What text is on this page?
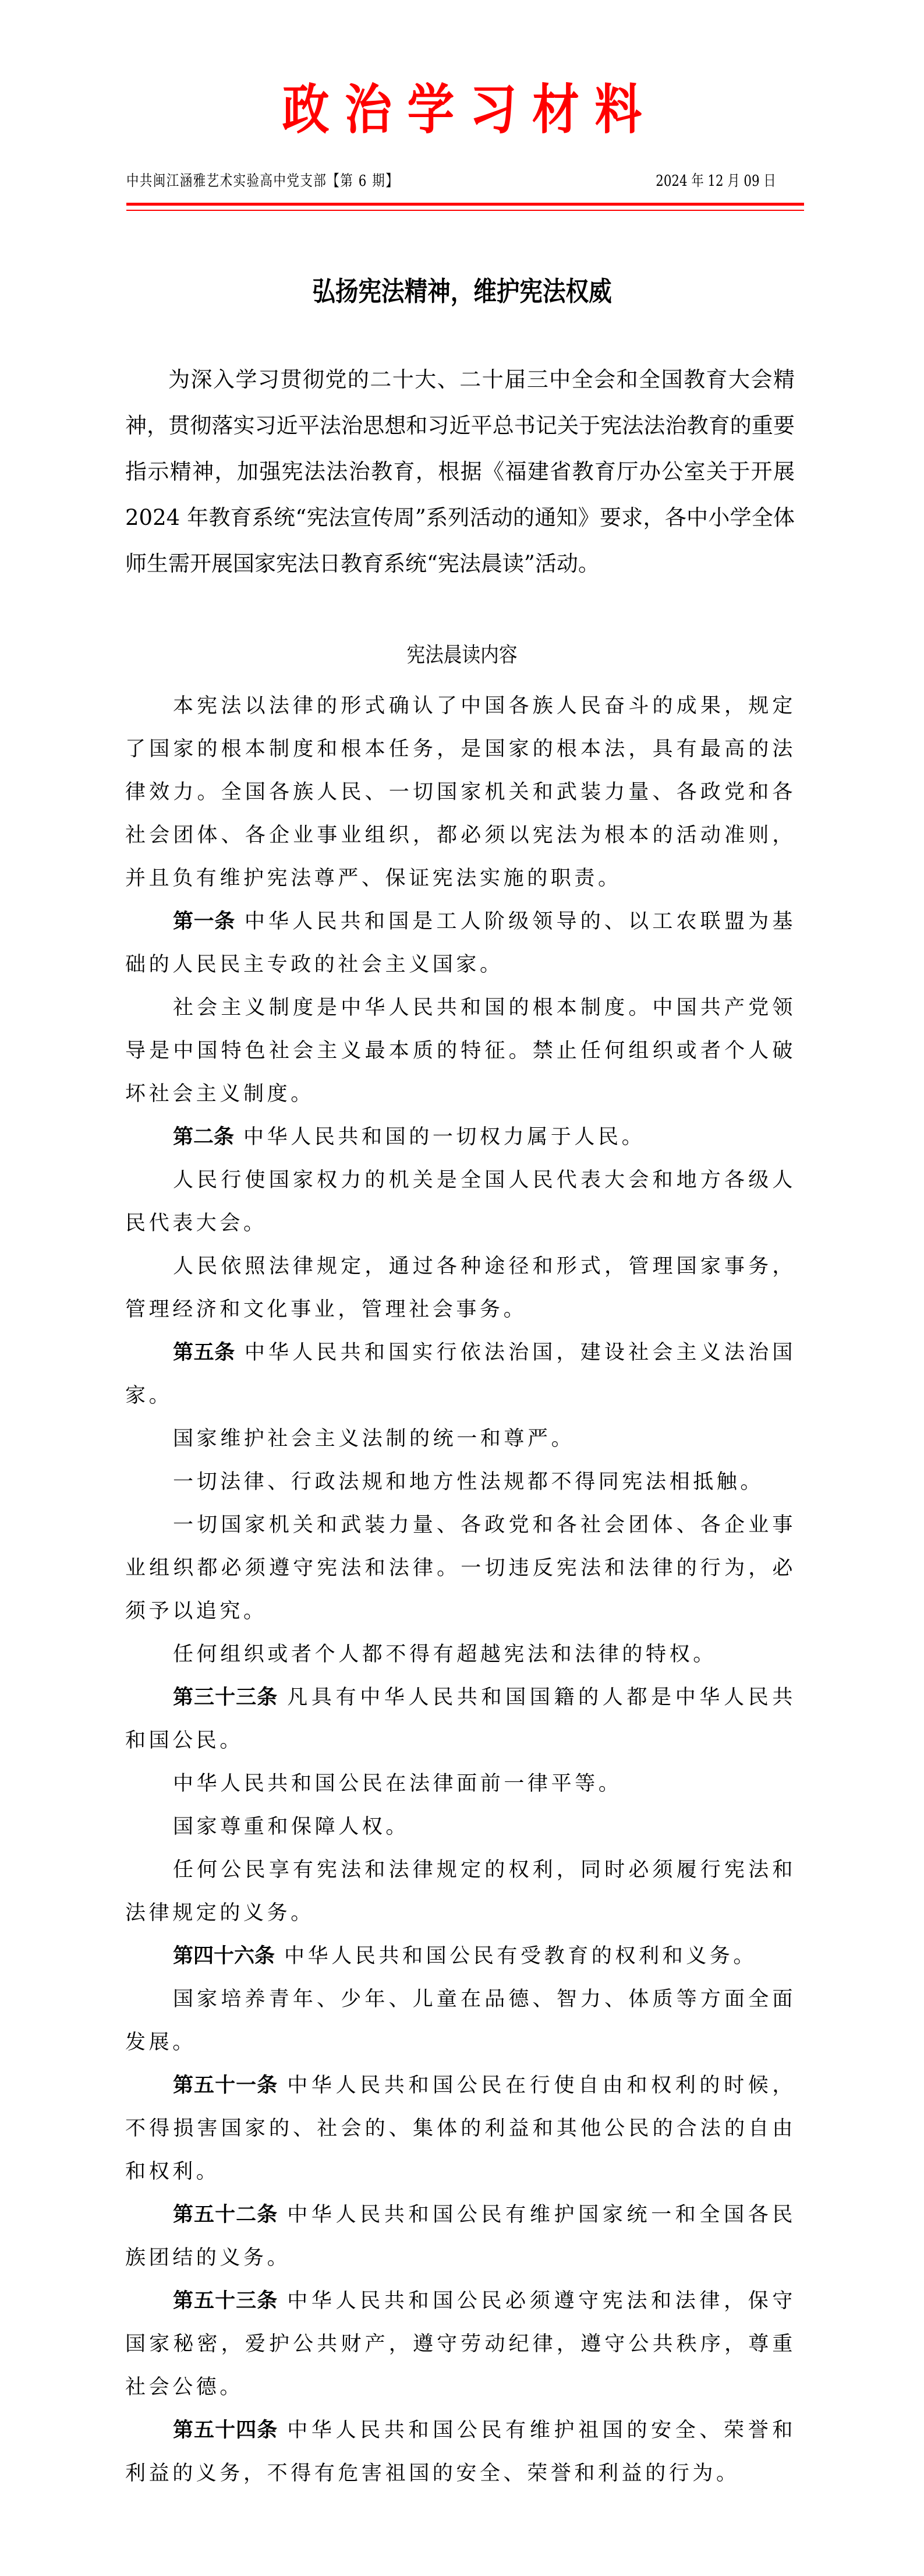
政治学习材料
中共闽江涵雅艺术实验高中党支部【第 6 期】	2024 年 12 月 09 日
弘扬宪法精神，维护宪法权威

为深入学习贯彻党的二十大、二十届三中全会和全国教育大会精神，贯彻落实习近平法治思想和习近平总书记关于宪法法治教育的重要指示精神，加强宪法法治教育，根据《福建省教育厅办公室关于开展 2024 年教育系统“宪法宣传周”系列活动的通知》要求，各中小学全体师生需开展国家宪法日教育系统“宪法晨读”活动。

宪法晨读内容

本宪法以法律的形式确认了中国各族人民奋斗的成果，规定了国家的根本制度和根本任务，是国家的根本法，具有最高的法律效力。全国各族人民、一切国家机关和武装力量、各政党和各社会团体、各企业事业组织，都必须以宪法为根本的活动准则，并且负有维护宪法尊严、保证宪法实施的职责。

第一条 中华人民共和国是工人阶级领导的、以工农联盟为基础的人民民主专政的社会主义国家。

社会主义制度是中华人民共和国的根本制度。中国共产党领导是中国特色社会主义最本质的特征。禁止任何组织或者个人破坏社会主义制度。

第二条 中华人民共和国的一切权力属于人民。

人民行使国家权力的机关是全国人民代表大会和地方各级人民代表大会。

人民依照法律规定，通过各种途径和形式，管理国家事务，管理经济和文化事业，管理社会事务。

第五条 中华人民共和国实行依法治国，建设社会主义法治国家。

国家维护社会主义法制的统一和尊严。

一切法律、行政法规和地方性法规都不得同宪法相抵触。

一切国家机关和武装力量、各政党和各社会团体、各企业事业组织都必须遵守宪法和法律。一切违反宪法和法律的行为，必须予以追究。

任何组织或者个人都不得有超越宪法和法律的特权。

第三十三条 凡具有中华人民共和国国籍的人都是中华人民共和国公民。

中华人民共和国公民在法律面前一律平等。

国家尊重和保障人权。

任何公民享有宪法和法律规定的权利，同时必须履行宪法和法律规定的义务。

第四十六条 中华人民共和国公民有受教育的权利和义务。

国家培养青年、少年、儿童在品德、智力、体质等方面全面发展。

第五十一条 中华人民共和国公民在行使自由和权利的时候，不得损害国家的、社会的、集体的利益和其他公民的合法的自由和权利。

第五十二条 中华人民共和国公民有维护国家统一和全国各民族团结的义务。

第五十三条 中华人民共和国公民必须遵守宪法和法律，保守国家秘密，爱护公共财产，遵守劳动纪律，遵守公共秩序，尊重社会公德。

第五十四条 中华人民共和国公民有维护祖国的安全、荣誉和利益的义务，不得有危害祖国的安全、荣誉和利益的行为。
